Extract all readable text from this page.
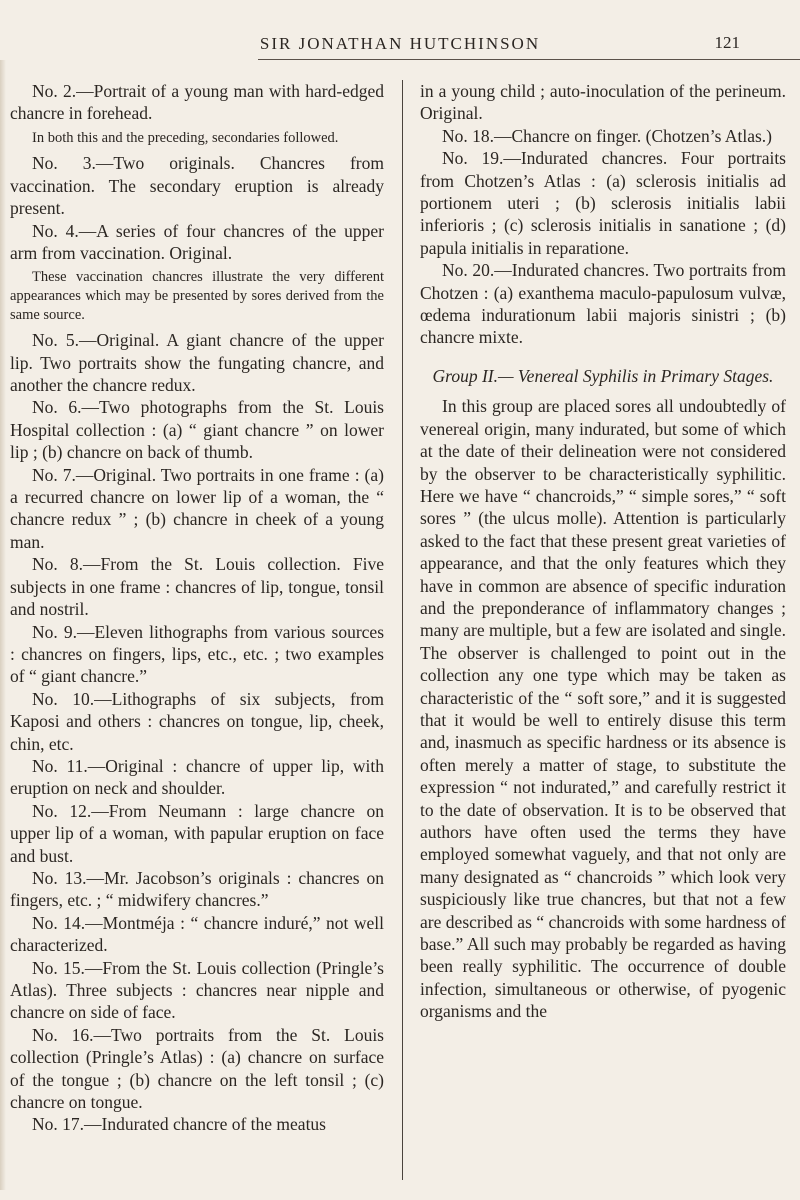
SIR JONATHAN HUTCHINSON	121

No. 2.—Portrait of a young man with hard-edged chancre in forehead.

In both this and the preceding, secondaries followed.

No. 3.—Two originals. Chancres from vaccination. The secondary eruption is already present.

No. 4.—A series of four chancres of the upper arm from vaccination. Original.

These vaccination chancres illustrate the very different appearances which may be presented by sores derived from the same source.

No. 5.—Original. A giant chancre of the upper lip. Two portraits show the fungating chancre, and another the chancre redux.

No. 6.—Two photographs from the St. Louis Hospital collection : (a) “ giant chancre ” on lower lip ; (b) chancre on back of thumb.

No. 7.—Original. Two portraits in one frame : (a) a recurred chancre on lower lip of a woman, the “ chancre redux ” ; (b) chancre in cheek of a young man.

No. 8.—From the St. Louis collection. Five subjects in one frame : chancres of lip, tongue, tonsil and nostril.

No. 9.—Eleven lithographs from various sources : chancres on fingers, lips, etc., etc. ; two examples of “ giant chancre.”

No. 10.—Lithographs of six subjects, from Kaposi and others : chancres on tongue, lip, cheek, chin, etc.

No. 11.—Original : chancre of upper lip, with eruption on neck and shoulder.

No. 12.—From Neumann : large chancre on upper lip of a woman, with papular eruption on face and bust.

No. 13.—Mr. Jacobson’s originals : chancres on fingers, etc. ; “ midwifery chancres.”

No. 14.—Montméja : “ chancre induré,” not well characterized.

No. 15.—From the St. Louis collection (Pringle’s Atlas). Three subjects : chancres near nipple and chancre on side of face.

No. 16.—Two portraits from the St. Louis collection (Pringle’s Atlas) : (a) chancre on surface of the tongue ; (b) chancre on the left tonsil ; (c) chancre on tongue.

No. 17.—Indurated chancre of the meatus

in a young child ; auto-inoculation of the perineum. Original.

No. 18.—Chancre on finger. (Chotzen’s Atlas.)

No. 19.—Indurated chancres. Four portraits from Chotzen’s Atlas : (a) sclerosis initialis ad portionem uteri ; (b) sclerosis initialis labii inferioris ; (c) sclerosis initialis in sanatione ; (d) papula initialis in reparatione.

No. 20.—Indurated chancres. Two portraits from Chotzen : (a) exanthema maculo-papulosum vulvæ, œdema indurationum labii majoris sinistri ; (b) chancre mixte.

Group II.— Venereal Syphilis in Primary Stages.

In this group are placed sores all undoubtedly of venereal origin, many indurated, but some of which at the date of their delineation were not considered by the observer to be characteristically syphilitic. Here we have “ chancroids,” “ simple sores,” “ soft sores ” (the ulcus molle). Attention is particularly asked to the fact that these present great varieties of appearance, and that the only features which they have in common are absence of specific induration and the preponderance of inflammatory changes ; many are multiple, but a few are isolated and single. The observer is challenged to point out in the collection any one type which may be taken as characteristic of the “ soft sore,” and it is suggested that it would be well to entirely disuse this term and, inasmuch as specific hardness or its absence is often merely a matter of stage, to substitute the expression “ not indurated,” and carefully restrict it to the date of observation. It is to be observed that authors have often used the terms they have employed somewhat vaguely, and that not only are many designated as “ chancroids ” which look very suspiciously like true chancres, but that not a few are described as “ chancroids with some hardness of base.” All such may probably be regarded as having been really syphilitic. The occurrence of double infection, simultaneous or otherwise, of pyogenic organisms and the
